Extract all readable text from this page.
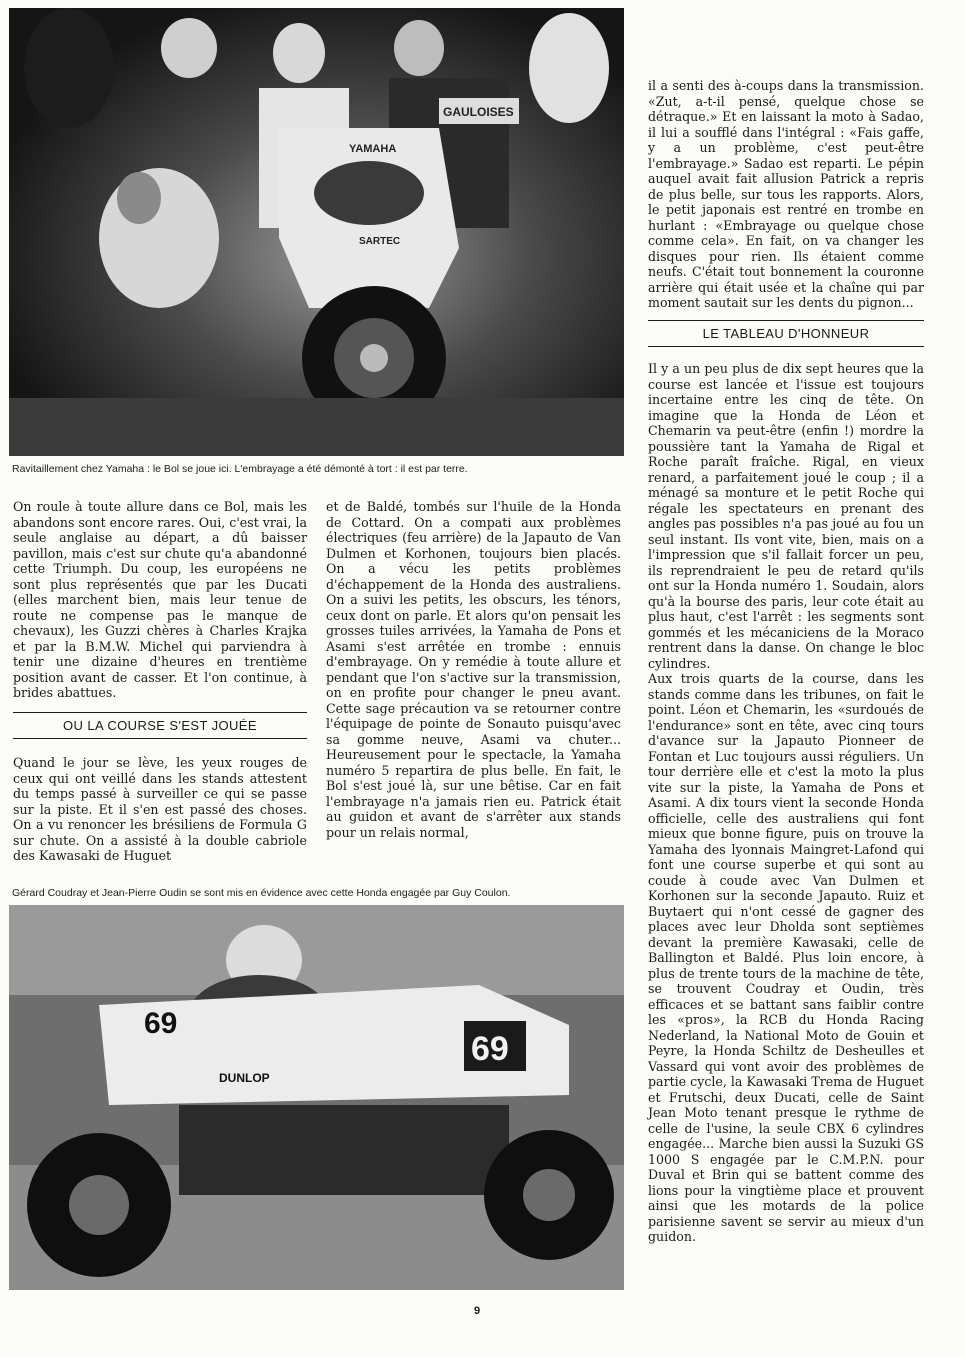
YAMAHA
GAULOISES
SARTEC
Ravitaillement chez Yamaha : le Bol se joue ici. L'embrayage a été démonté à tort : il est par terre.

On roule à toute allure dans ce Bol, mais les abandons sont encore rares. Oui, c'est vrai, la seule anglaise au départ, a dû baisser pavillon, mais c'est sur chute qu'a abandonné cette Triumph. Du coup, les européens ne sont plus représentés que par les Ducati (elles marchent bien, mais leur tenue de route ne compense pas le manque de chevaux), les Guzzi chères à Charles Krajka et par la B.M.W. Michel qui parviendra à tenir une dizaine d'heures en trentième position avant de casser. Et l'on continue, à brides abattues.

OU LA COURSE S'EST JOUÉE

Quand le jour se lève, les yeux rouges de ceux qui ont veillé dans les stands attestent du temps passé à surveiller ce qui se passe sur la piste. Et il s'en est passé des choses. On a vu renoncer les brésiliens de Formula G sur chute. On a assisté à la double cabriole des Kawasaki de Huguet

et de Baldé, tombés sur l'huile de la Honda de Cottard. On a compati aux problèmes électriques (feu arrière) de la Japauto de Van Dulmen et Korhonen, toujours bien placés. On a vécu les petits problèmes d'échappement de la Honda des australiens. On a suivi les petits, les obscurs, les ténors, ceux dont on parle. Et alors qu'on pensait les grosses tuiles arrivées, la Yamaha de Pons et Asami s'est arrêtée en trombe : ennuis d'embrayage. On y remédie à toute allure et pendant que l'on s'active sur la transmission, on en profite pour changer le pneu avant. Cette sage précaution va se retourner contre l'équipage de pointe de Sonauto puisqu'avec sa gomme neuve, Asami va chuter... Heureusement pour le spectacle, la Yamaha numéro 5 repartira de plus belle. En fait, le Bol s'est joué là, sur une bêtise. Car en fait l'embrayage n'a jamais rien eu. Patrick était au guidon et avant de s'arrêter aux stands pour un relais normal,

Gérard Coudray et Jean-Pierre Oudin se sont mis en évidence avec cette Honda engagée par Guy Coulon.
69
DUNLOP
69

il a senti des à-coups dans la transmission. «Zut, a-t-il pensé, quelque chose se détraque.» Et en laissant la moto à Sadao, il lui a soufflé dans l'intégral : «Fais gaffe, y a un problème, c'est peut-être l'embrayage.» Sadao est reparti. Le pépin auquel avait fait allusion Patrick a repris de plus belle, sur tous les rapports. Alors, le petit japonais est rentré en trombe en hurlant : «Embrayage ou quelque chose comme cela». En fait, on va changer les disques pour rien. Ils étaient comme neufs. C'était tout bonnement la couronne arrière qui était usée et la chaîne qui par moment sautait sur les dents du pignon...

LE TABLEAU D'HONNEUR

Il y a un peu plus de dix sept heures que la course est lancée et l'issue est toujours incertaine entre les cinq de tête. On imagine que la Honda de Léon et Chemarin va peut-être (enfin !) mordre la poussière tant la Yamaha de Rigal et Roche paraît fraîche. Rigal, en vieux renard, a parfaitement joué le coup ; il a ménagé sa monture et le petit Roche qui régale les spectateurs en prenant des angles pas possibles n'a pas joué au fou un seul instant. Ils vont vite, bien, mais on a l'impression que s'il fallait forcer un peu, ils reprendraient le peu de retard qu'ils ont sur la Honda numéro 1. Soudain, alors qu'à la bourse des paris, leur cote était au plus haut, c'est l'arrêt : les segments sont gommés et les mécaniciens de la Moraco rentrent dans la danse. On change le bloc cylindres.

Aux trois quarts de la course, dans les stands comme dans les tribunes, on fait le point. Léon et Chemarin, les «surdoués de l'endurance» sont en tête, avec cinq tours d'avance sur la Japauto Pionneer de Fontan et Luc toujours aussi réguliers. Un tour derrière elle et c'est la moto la plus vite sur la piste, la Yamaha de Pons et Asami. A dix tours vient la seconde Honda officielle, celle des australiens qui font mieux que bonne figure, puis on trouve la Yamaha des lyonnais Maingret-Lafond qui font une course superbe et qui sont au coude à coude avec Van Dulmen et Korhonen sur la seconde Japauto. Ruiz et Buytaert qui n'ont cessé de gagner des places avec leur Dholda sont septièmes devant la première Kawasaki, celle de Ballington et Baldé. Plus loin encore, à plus de trente tours de la machine de tête, se trouvent Coudray et Oudin, très efficaces et se battant sans faiblir contre les «pros», la RCB du Honda Racing Nederland, la National Moto de Gouin et Peyre, la Honda Schiltz de Desheulles et Vassard qui vont avoir des problèmes de partie cycle, la Kawasaki Trema de Huguet et Frutschi, deux Ducati, celle de Saint Jean Moto tenant presque le rythme de celle de l'usine, la seule CBX 6 cylindres engagée... Marche bien aussi la Suzuki GS 1000 S engagée par le C.M.P.N. pour Duval et Brin qui se battent comme des lions pour la vingtième place et prouvent ainsi que les motards de la police parisienne savent se servir au mieux d'un guidon.

9
